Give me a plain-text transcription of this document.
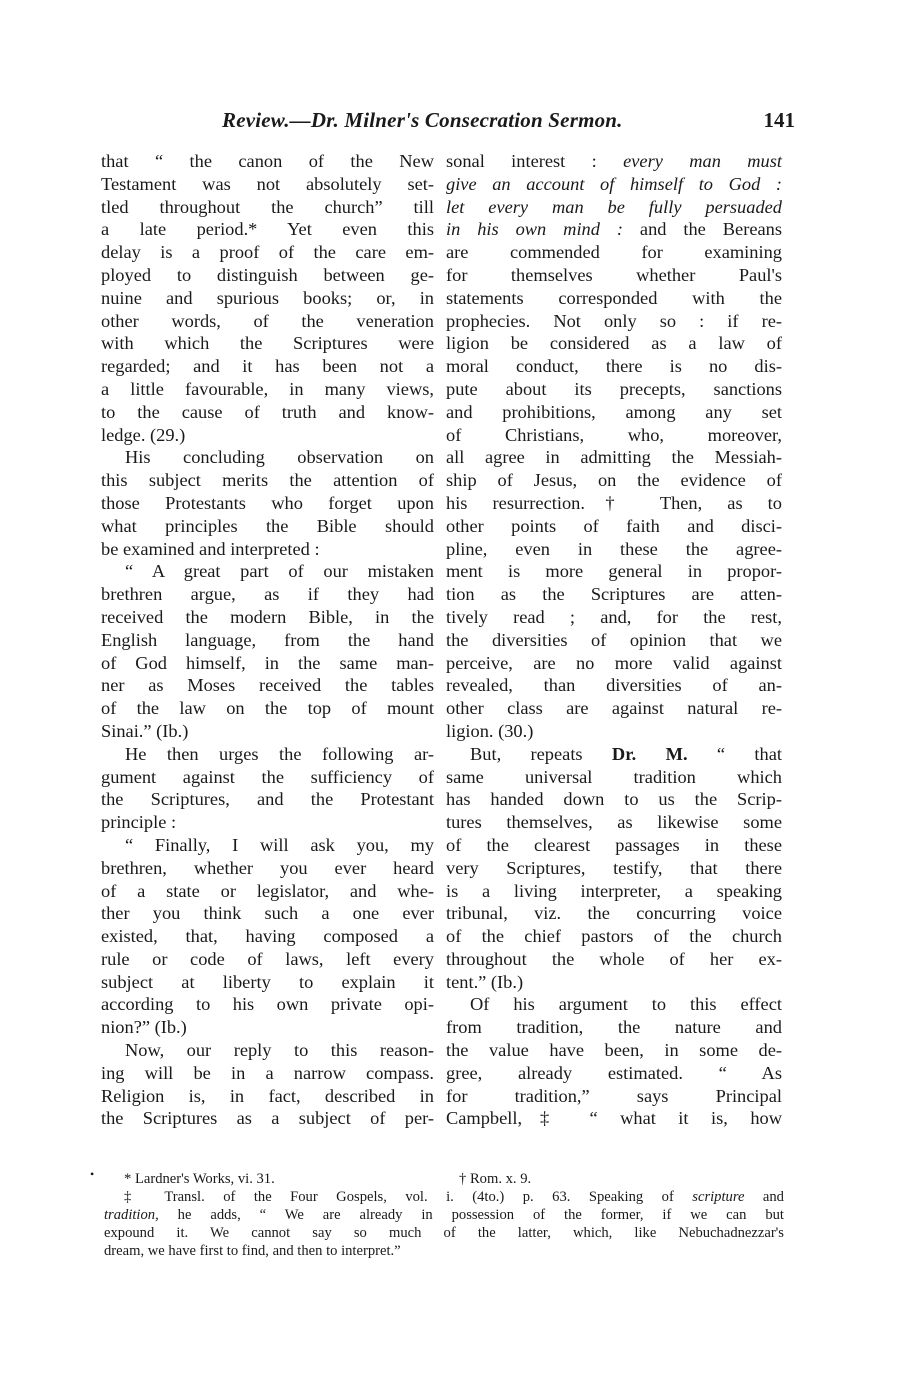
Review.—Dr. Milner's Consecration Sermon.	141
that “ the canon of the New
Testament was not absolutely set-
tled throughout the church” till
a late period.* Yet even this
delay is a proof of the care em-
ployed to distinguish between ge-
nuine and spurious books; or, in
other words, of the veneration
with which the Scriptures were
regarded; and it has been not a
a little favourable, in many views,
to the cause of truth and know-
ledge. (29.)
His concluding observation on
this subject merits the attention of
those Protestants who forget upon
what principles the Bible should
be examined and interpreted :
“ A great part of our mistaken
brethren argue, as if they had
received the modern Bible, in the
English language, from the hand
of God himself, in the same man-
ner as Moses received the tables
of the law on the top of mount
Sinai.” (Ib.)
He then urges the following ar-
gument against the sufficiency of
the Scriptures, and the Protestant
principle :
“ Finally, I will ask you, my
brethren, whether you ever heard
of a state or legislator, and whe-
ther you think such a one ever
existed, that, having composed a
rule or code of laws, left every
subject at liberty to explain it
according to his own private opi-
nion?” (Ib.)
Now, our reply to this reason-
ing will be in a narrow compass.
Religion is, in fact, described in
the Scriptures as a subject of per-
sonal interest : every man must
give an account of himself to God :
let every man be fully persuaded
in his own mind : and the Bereans
are commended for examining
for themselves whether Paul's
statements corresponded with the
prophecies. Not only so : if re-
ligion be considered as a law of
moral conduct, there is no dis-
pute about its precepts, sanctions
and prohibitions, among any set
of Christians, who, moreover,
all agree in admitting the Messiah-
ship of Jesus, on the evidence of
his resurrection.† Then, as to
other points of faith and disci-
pline, even in these the agree-
ment is more general in propor-
tion as the Scriptures are atten-
tively read ; and, for the rest,
the diversities of opinion that we
perceive, are no more valid against
revealed, than diversities of an-
other class are against natural re-
ligion. (30.)
But, repeats Dr. M. “ that
same universal tradition which
has handed down to us the Scrip-
tures themselves, as likewise some
of the clearest passages in these
very Scriptures, testify, that there
is a living interpreter, a speaking
tribunal, viz. the concurring voice
of the chief pastors of the church
throughout the whole of her ex-
tent.” (Ib.)
Of his argument to this effect
from tradition, the nature and
the value have been, in some de-
gree, already estimated. “ As
for tradition,” says Principal
Campbell,‡ “ what it is, how
• * Lardner's Works, vi. 31.	† Rom. x. 9.
‡ Transl. of the Four Gospels, vol. i. (4to.) p. 63. Speaking of scripture and
tradition, he adds, “ We are already in possession of the former, if we can but
expound it. We cannot say so much of the latter, which, like Nebuchadnezzar's
dream, we have first to find, and then to interpret.”
